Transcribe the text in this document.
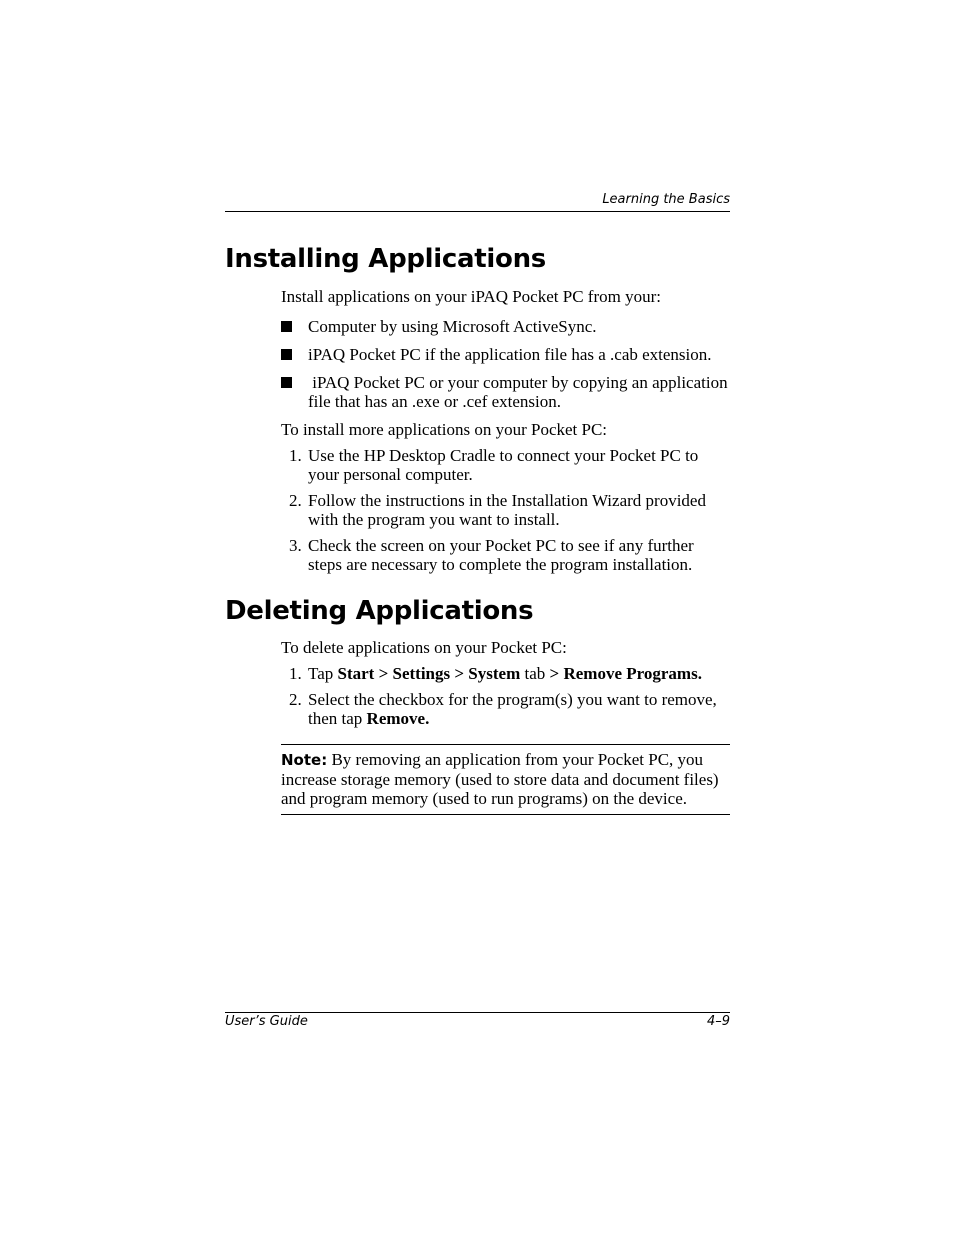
Learning the Basics
Installing Applications
Install applications on your iPAQ Pocket PC from your:
Computer by using Microsoft ActiveSync.
iPAQ Pocket PC if the application file has a .cab extension.
iPAQ Pocket PC or your computer by copying an application file that has an .exe or .cef extension.
To install more applications on your Pocket PC:
1. Use the HP Desktop Cradle to connect your Pocket PC to your personal computer.
2. Follow the instructions in the Installation Wizard provided with the program you want to install.
3. Check the screen on your Pocket PC to see if any further steps are necessary to complete the program installation.
Deleting Applications
To delete applications on your Pocket PC:
1. Tap Start > Settings > System tab > Remove Programs.
2. Select the checkbox for the program(s) you want to remove, then tap Remove.
Note: By removing an application from your Pocket PC, you increase storage memory (used to store data and document files) and program memory (used to run programs) on the device.
User’s Guide	4–9
